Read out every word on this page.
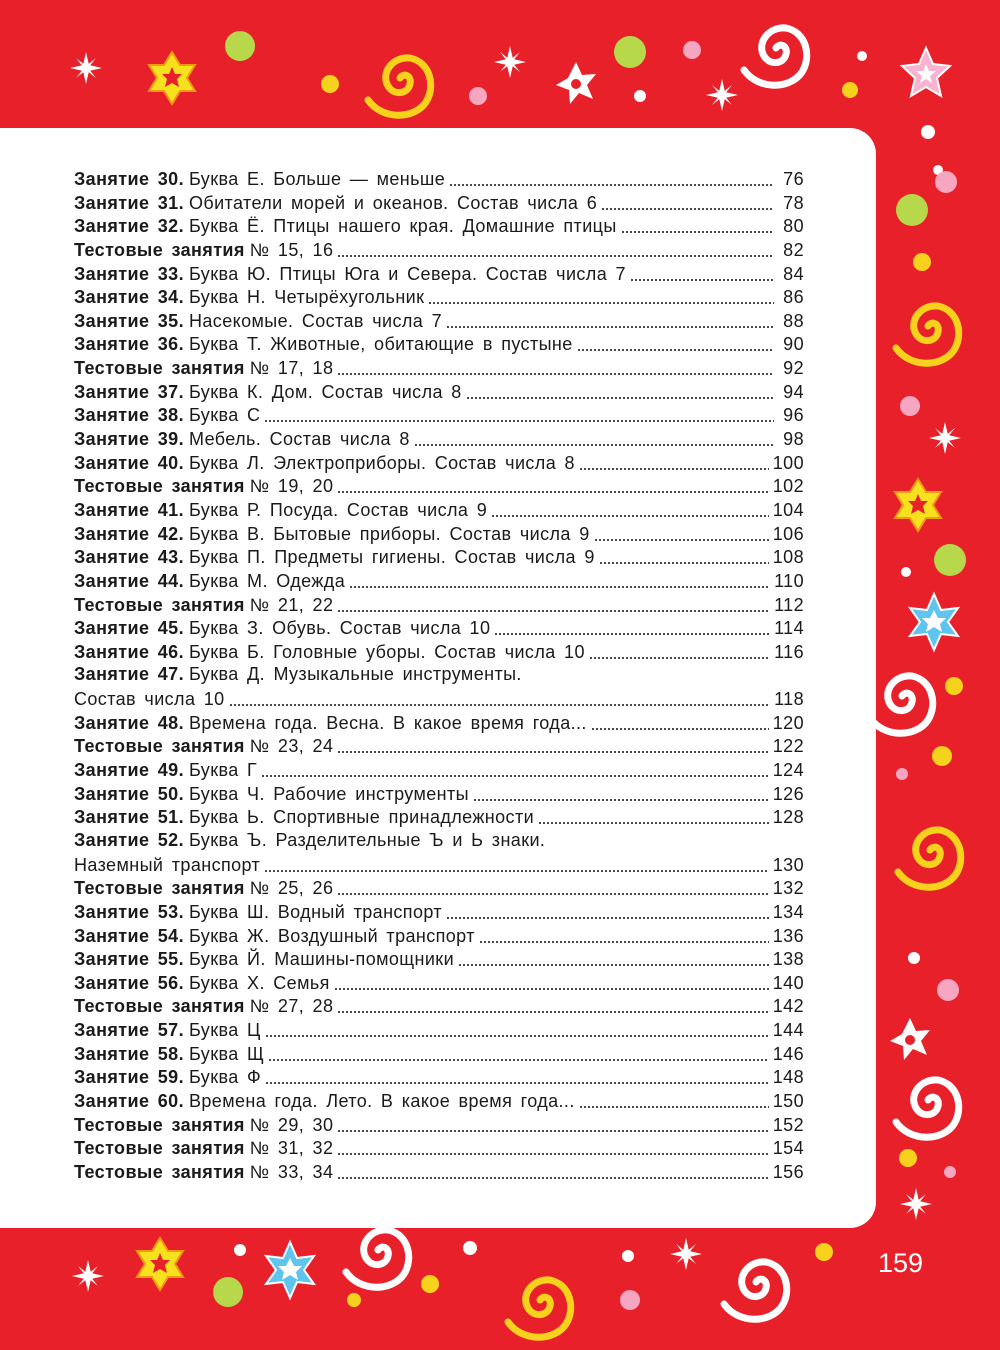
Занятие 30. Буква Е. Больше — меньше	76
Занятие 31. Обитатели морей и океанов. Состав числа 6	78
Занятие 32. Буква Ё. Птицы нашего края. Домашние птицы	80
Тестовые занятия № 15, 16	82
Занятие 33. Буква Ю. Птицы Юга и Севера. Состав числа 7	84
Занятие 34. Буква Н. Четырёхугольник	86
Занятие 35. Насекомые. Состав числа 7	88
Занятие 36. Буква Т. Животные, обитающие в пустыне	90
Тестовые занятия № 17, 18	92
Занятие 37. Буква К. Дом. Состав числа 8	94
Занятие 38. Буква С	96
Занятие 39. Мебель. Состав числа 8	98
Занятие 40. Буква Л. Электроприборы. Состав числа 8	100
Тестовые занятия № 19, 20	102
Занятие 41. Буква Р. Посуда. Состав числа 9	104
Занятие 42. Буква В. Бытовые приборы. Состав числа 9	106
Занятие 43. Буква П. Предметы гигиены. Состав числа 9	108
Занятие 44. Буква М. Одежда	110
Тестовые занятия № 21, 22	112
Занятие 45. Буква З. Обувь. Состав числа 10	114
Занятие 46. Буква Б. Головные уборы. Состав числа 10	116
Занятие 47. Буква Д. Музыкальные инструменты.
Состав числа 10	118
Занятие 48. Времена года. Весна. В какое время года...	120
Тестовые занятия № 23, 24	122
Занятие 49. Буква Г	124
Занятие 50. Буква Ч. Рабочие инструменты	126
Занятие 51. Буква Ь. Спортивные принадлежности	128
Занятие 52. Буква Ъ. Разделительные Ъ и Ь знаки.
Наземный транспорт	130
Тестовые занятия № 25, 26	132
Занятие 53. Буква Ш. Водный транспорт	134
Занятие 54. Буква Ж. Воздушный транспорт	136
Занятие 55. Буква Й. Машины-помощники	138
Занятие 56. Буква Х. Семья	140
Тестовые занятия № 27, 28	142
Занятие 57. Буква Ц	144
Занятие 58. Буква Щ	146
Занятие 59. Буква Ф	148
Занятие 60. Времена года. Лето. В какое время года...	150
Тестовые занятия № 29, 30	152
Тестовые занятия № 31, 32	154
Тестовые занятия № 33, 34	156
159
